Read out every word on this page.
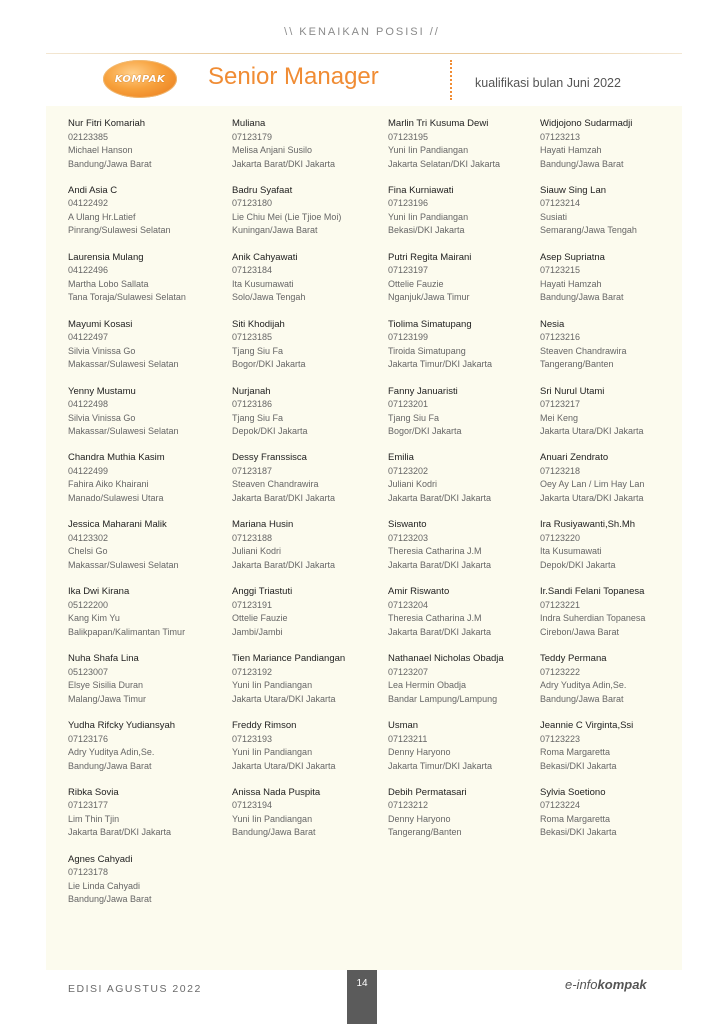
\\ KENAIKAN POSISI //
KOMPAK Senior Manager	kualifikasi bulan Juni 2022
Nur Fitri Komariah
02123385
Michael Hanson
Bandung/Jawa Barat
Muliana
07123179
Melisa Anjani Susilo
Jakarta Barat/DKI Jakarta
Marlin Tri Kusuma Dewi
07123195
Yuni Iin Pandiangan
Jakarta Selatan/DKI Jakarta
Widjojono Sudarmadji
07123213
Hayati Hamzah
Bandung/Jawa Barat
Andi Asia C
04122492
A Ulang Hr.Latief
Pinrang/Sulawesi Selatan
Badru Syafaat
07123180
Lie Chiu Mei (Lie Tjioe Moi)
Kuningan/Jawa Barat
Fina Kurniawati
07123196
Yuni Iin Pandiangan
Bekasi/DKI Jakarta
Siauw Sing Lan
07123214
Susiati
Semarang/Jawa Tengah
Laurensia Mulang
04122496
Martha Lobo Sallata
Tana Toraja/Sulawesi Selatan
Anik Cahyawati
07123184
Ita Kusumawati
Solo/Jawa Tengah
Putri Regita Mairani
07123197
Ottelie Fauzie
Nganjuk/Jawa Timur
Asep Supriatna
07123215
Hayati Hamzah
Bandung/Jawa Barat
Mayumi Kosasi
04122497
Silvia Vinissa Go
Makassar/Sulawesi Selatan
Siti Khodijah
07123185
Tjang Siu Fa
Bogor/DKI Jakarta
Tiolima Simatupang
07123199
Tiroida Simatupang
Jakarta Timur/DKI Jakarta
Nesia
07123216
Steaven Chandrawira
Tangerang/Banten
Yenny Mustamu
04122498
Silvia Vinissa Go
Makassar/Sulawesi Selatan
Nurjanah
07123186
Tjang Siu Fa
Depok/DKI Jakarta
Fanny Januaristi
07123201
Tjang Siu Fa
Bogor/DKI Jakarta
Sri Nurul Utami
07123217
Mei Keng
Jakarta Utara/DKI Jakarta
Chandra Muthia Kasim
04122499
Fahira Aiko Khairani
Manado/Sulawesi Utara
Dessy Franssisca
07123187
Steaven Chandrawira
Jakarta Barat/DKI Jakarta
Emilia
07123202
Juliani Kodri
Jakarta Barat/DKI Jakarta
Anuari Zendrato
07123218
Oey Ay Lan / Lim Hay Lan
Jakarta Utara/DKI Jakarta
Jessica Maharani Malik
04123302
Chelsi Go
Makassar/Sulawesi Selatan
Mariana Husin
07123188
Juliani Kodri
Jakarta Barat/DKI Jakarta
Siswanto
07123203
Theresia Catharina J.M
Jakarta Barat/DKI Jakarta
Ira Rusiyawanti,Sh.Mh
07123220
Ita Kusumawati
Depok/DKI Jakarta
Ika Dwi Kirana
05122200
Kang Kim Yu
Balikpapan/Kalimantan Timur
Anggi Triastuti
07123191
Ottelie Fauzie
Jambi/Jambi
Amir Riswanto
07123204
Theresia Catharina J.M
Jakarta Barat/DKI Jakarta
Ir.Sandi Felani Topanesa
07123221
Indra Suherdian Topanesa
Cirebon/Jawa Barat
Nuha Shafa Lina
05123007
Elsye Sisilia Duran
Malang/Jawa Timur
Tien Mariance Pandiangan
07123192
Yuni Iin Pandiangan
Jakarta Utara/DKI Jakarta
Nathanael Nicholas Obadja
07123207
Lea Hermin Obadja
Bandar Lampung/Lampung
Teddy Permana
07123222
Adry Yuditya Adin,Se.
Bandung/Jawa Barat
Yudha Rifcky Yudiansyah
07123176
Adry Yuditya Adin,Se.
Bandung/Jawa Barat
Freddy Rimson
07123193
Yuni Iin Pandiangan
Jakarta Utara/DKI Jakarta
Usman
07123211
Denny Haryono
Jakarta Timur/DKI Jakarta
Jeannie C Virginta,Ssi
07123223
Roma Margaretta
Bekasi/DKI Jakarta
Ribka Sovia
07123177
Lim Thin Tjin
Jakarta Barat/DKI Jakarta
Anissa Nada Puspita
07123194
Yuni Iin Pandiangan
Bandung/Jawa Barat
Debih Permatasari
07123212
Denny Haryono
Tangerang/Banten
Sylvia Soetiono
07123224
Roma Margaretta
Bekasi/DKI Jakarta
Agnes Cahyadi
07123178
Lie Linda Cahyadi
Bandung/Jawa Barat
EDISI AGUSTUS 2022	14	e-infokompak
